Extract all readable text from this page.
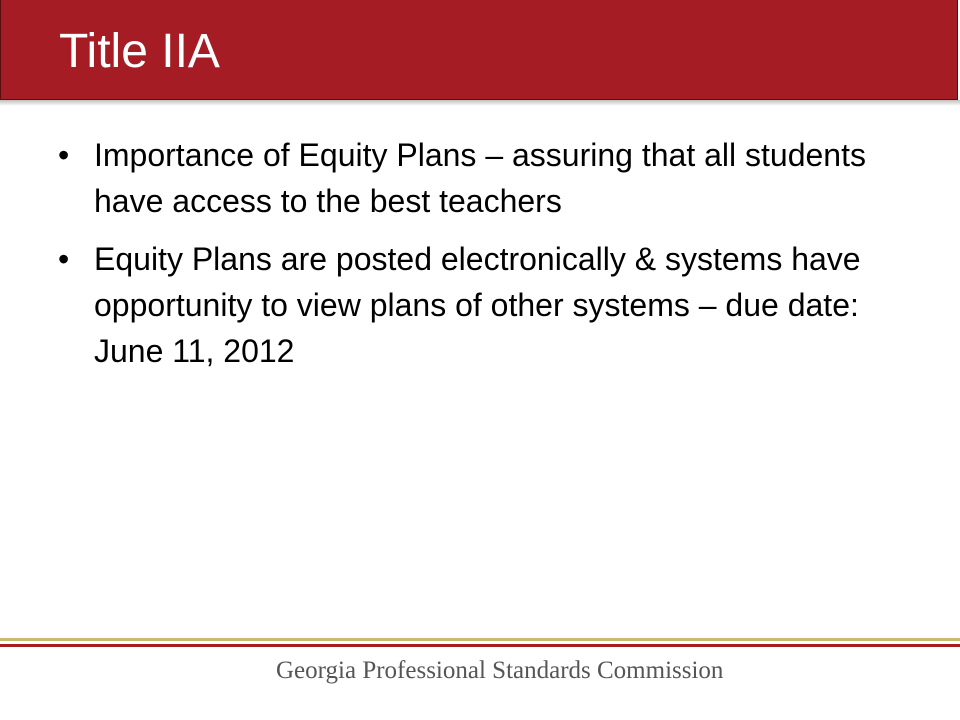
Title IIA
• Importance of Equity Plans – assuring that all students have access to the best teachers
• Equity Plans are posted electronically & systems have opportunity to view plans of other systems – due date: June 11, 2012

Georgia Professional Standards Commission
